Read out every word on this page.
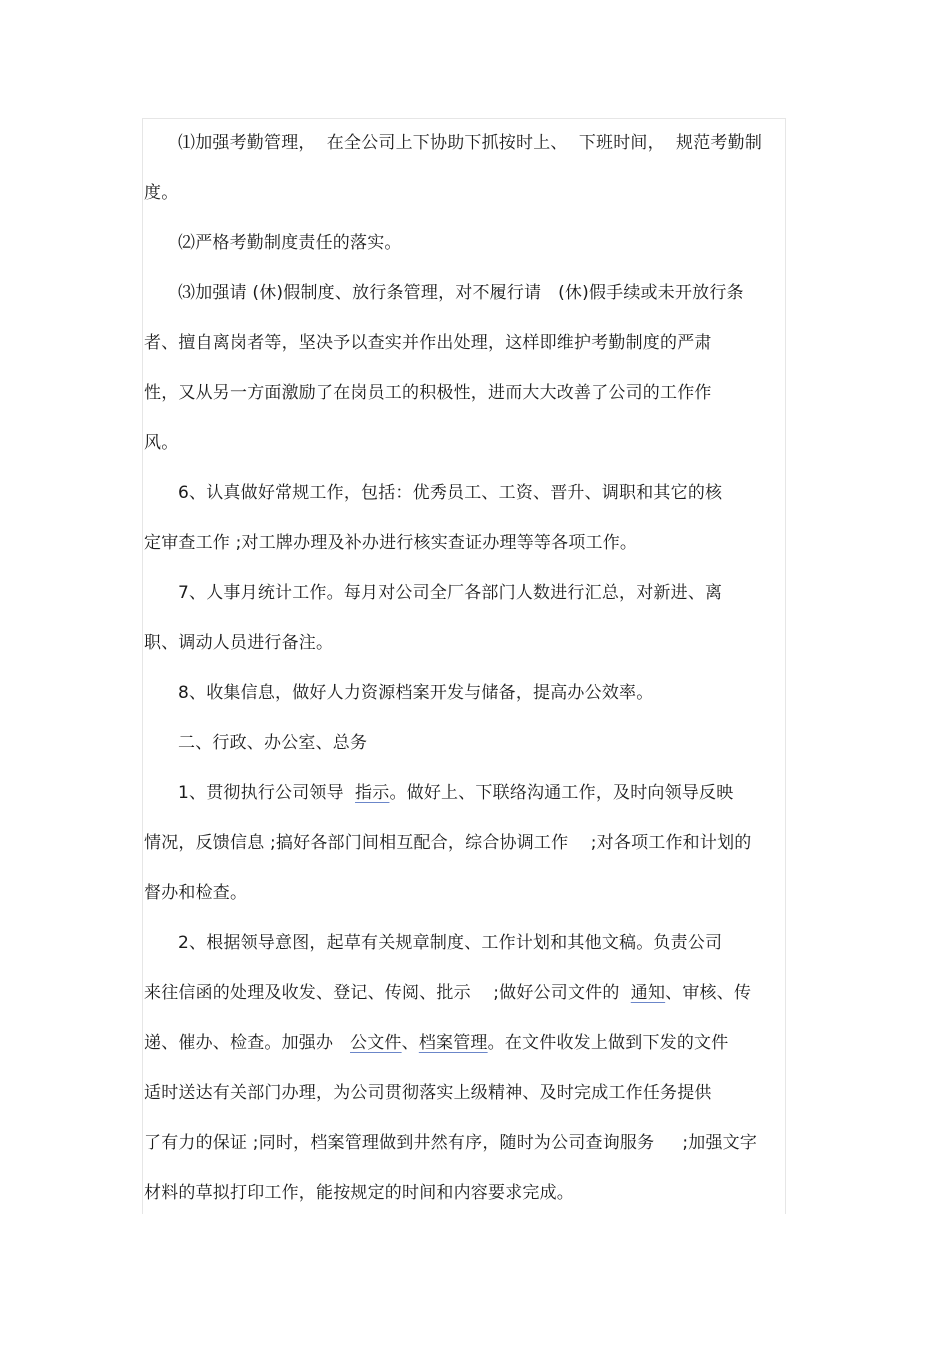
⑴加强考勤管理，  在全公司上下协助下抓按时上、  下班时间，  规范考勤制
度。
⑵严格考勤制度责任的落实。
⑶加强请 (休)假制度、放行条管理，对不履行请   (休)假手续或未开放行条
者、擅自离岗者等，坚决予以查实并作出处理，这样即维护考勤制度的严肃
性，又从另一方面激励了在岗员工的积极性，进而大大改善了公司的工作作
风。
6、认真做好常规工作，包括：优秀员工、工资、晋升、调职和其它的核
定审查工作 ;对工牌办理及补办进行核实查证办理等等各项工作。
7、人事月统计工作。每月对公司全厂各部门人数进行汇总，对新进、离
职、调动人员进行备注。
8、收集信息，做好人力资源档案开发与储备，提高办公效率。
二、行政、办公室、总务
1、贯彻执行公司领导  指示。做好上、下联络沟通工作，及时向领导反映
情况，反馈信息 ;搞好各部门间相互配合，综合协调工作    ;对各项工作和计划的
督办和检查。
2、根据领导意图，起草有关规章制度、工作计划和其他文稿。负责公司
来往信函的处理及收发、登记、传阅、批示    ;做好公司文件的  通知、审核、传
递、催办、检查。加强办   公文件、档案管理。在文件收发上做到下发的文件
适时送达有关部门办理，为公司贯彻落实上级精神、及时完成工作任务提供
了有力的保证 ;同时，档案管理做到井然有序，随时为公司查询服务     ;加强文字
材料的草拟打印工作，能按规定的时间和内容要求完成。
